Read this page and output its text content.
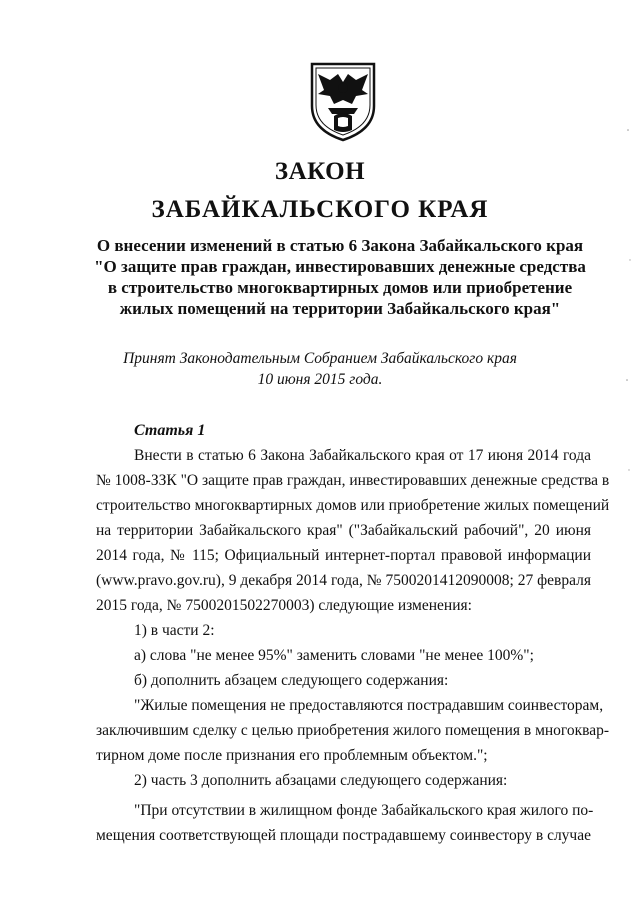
ЗАКОН
ЗАБАЙКАЛЬСКОГО КРАЯ
О внесении изменений в статью 6 Закона Забайкальского края
"О защите прав граждан, инвестировавших денежные средства
в строительство многоквартирных домов или приобретение
жилых помещений на территории Забайкальского края"
Принят Законодательным Собранием Забайкальского края
10 июня 2015 года.
Статья 1
Внести в статью 6 Закона Забайкальского края от 17 июня 2014 года
№ 1008-ЗЗК "О защите прав граждан, инвестировавших денежные средства в
строительство многоквартирных домов или приобретение жилых помещений
на территории Забайкальского края" ("Забайкальский рабочий", 20 июня
2014 года, № 115; Официальный интернет-портал правовой информации
(www.pravo.gov.ru), 9 декабря 2014 года, № 7500201412090008; 27 февраля
2015 года, № 7500201502270003) следующие изменения:
1) в части 2:
а) слова "не менее 95%" заменить словами "не менее 100%";
б) дополнить абзацем следующего содержания:
"Жилые помещения не предоставляются пострадавшим соинвесторам,
заключившим сделку с целью приобретения жилого помещения в многоквар-
тирном доме после признания его проблемным объектом.";
2) часть 3 дополнить абзацами следующего содержания:
"При отсутствии в жилищном фонде Забайкальского края жилого по-
мещения соответствующей площади пострадавшему соинвестору в случае
